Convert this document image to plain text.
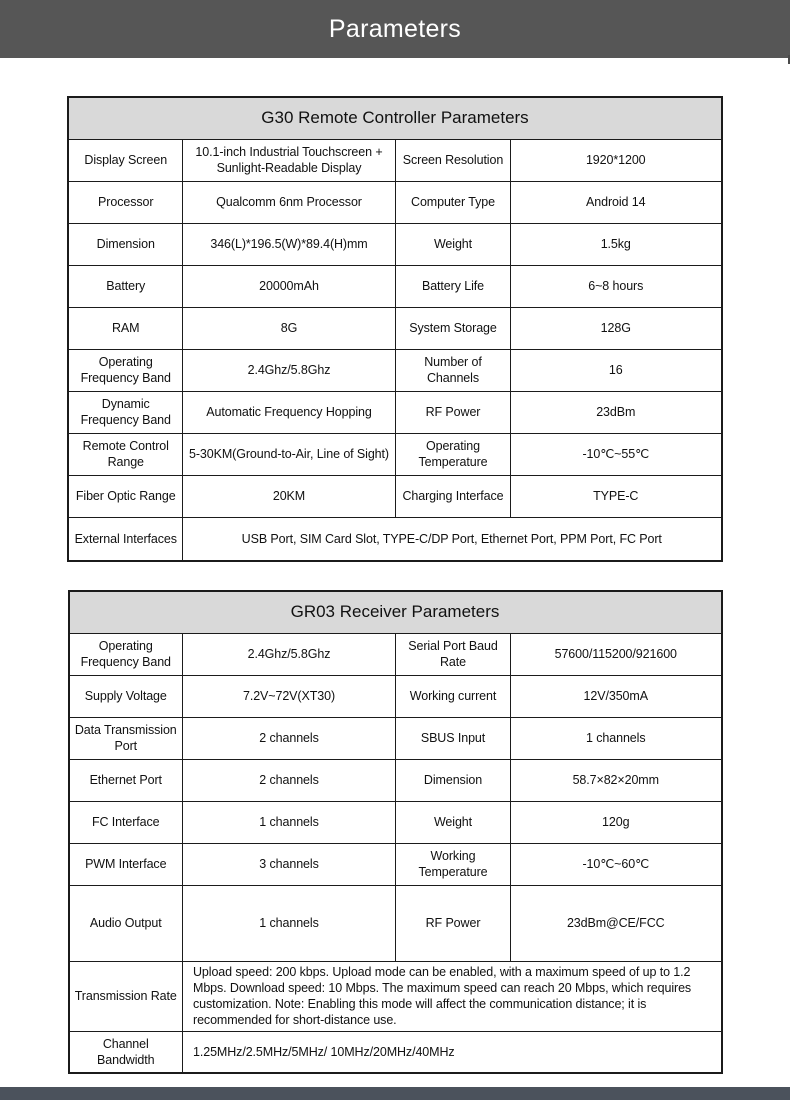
Parameters
G30 Remote Controller Parameters			
Display Screen	10.1-inch Industrial Touchscreen + Sunlight-Readable Display	Screen Resolution	1920*1200
Processor	Qualcomm 6nm Processor	Computer Type	Android 14
Dimension	346(L)*196.5(W)*89.4(H)mm	Weight	1.5kg
Battery	20000mAh	Battery Life	6~8 hours
RAM	8G	System Storage	128G
Operating Frequency Band	2.4Ghz/5.8Ghz	Number of Channels	16
Dynamic Frequency Band	Automatic Frequency Hopping	RF Power	23dBm
Remote Control Range	5-30KM(Ground-to-Air, Line of Sight)	Operating Temperature	-10℃~55℃
Fiber Optic Range	20KM	Charging Interface	TYPE-C
External Interfaces	USB Port, SIM Card Slot, TYPE-C/DP Port, Ethernet Port, PPM Port, FC Port		
GR03 Receiver Parameters			
Operating Frequency Band	2.4Ghz/5.8Ghz	Serial Port Baud Rate	57600/115200/921600
Supply Voltage	7.2V~72V(XT30)	Working current	12V/350mA
Data Transmission Port	2 channels	SBUS Input	1 channels
Ethernet Port	2 channels	Dimension	58.7×82×20mm
FC Interface	1 channels	Weight	120g
PWM Interface	3 channels	Working Temperature	-10℃~60℃
Audio Output	1 channels	RF Power	23dBm@CE/FCC
Transmission Rate	Upload speed: 200 kbps. Upload mode can be enabled, with a maximum speed of up to 1.2 Mbps. Download speed: 10 Mbps. The maximum speed can reach 20 Mbps, which requires customization. Note: Enabling this mode will affect the communication distance; it is recommended for short-distance use.		
Channel Bandwidth	1.25MHz/2.5MHz/5MHz/ 10MHz/20MHz/40MHz		
